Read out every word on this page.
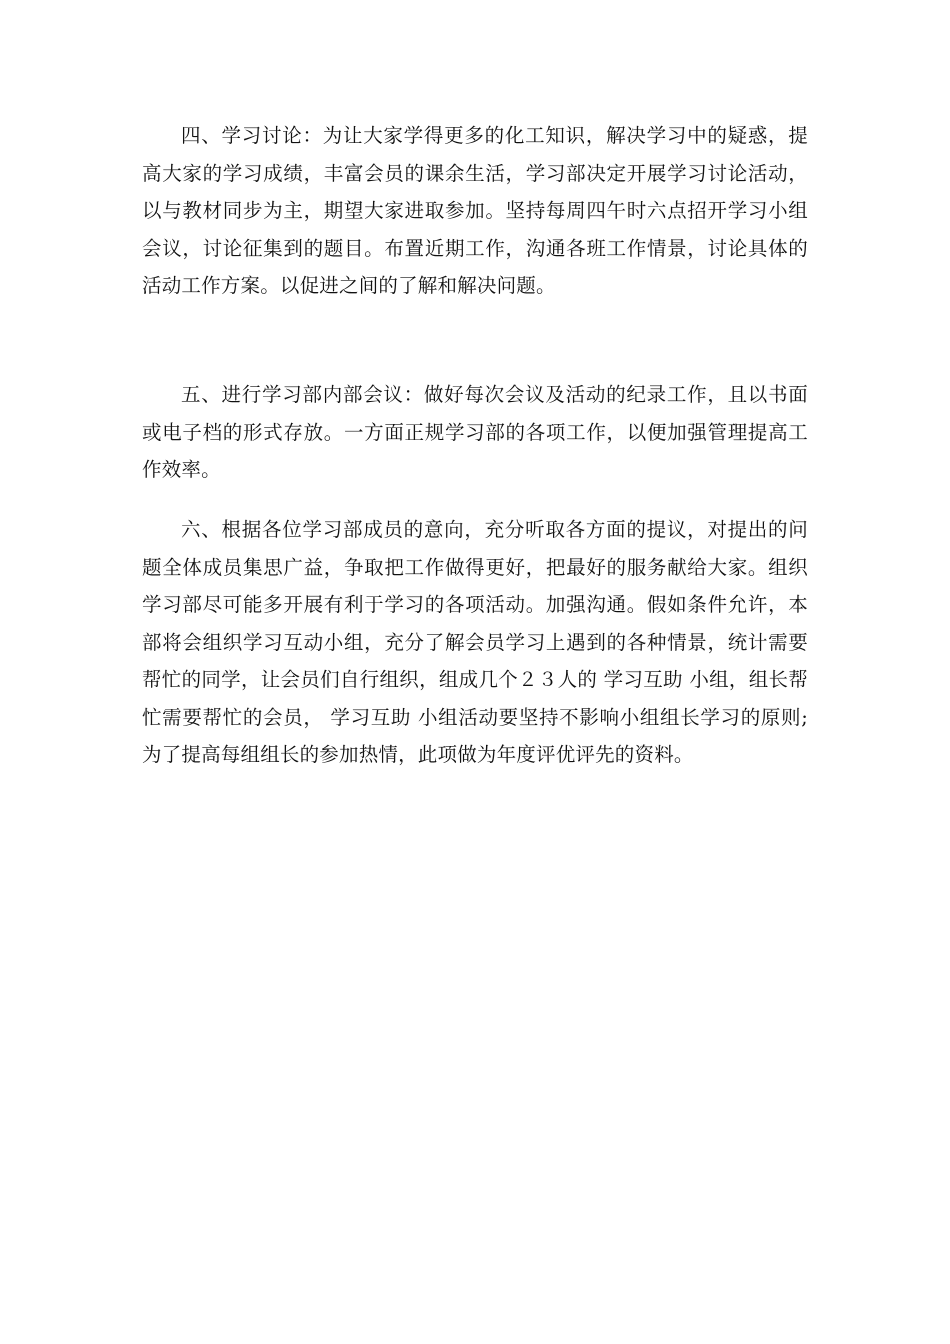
四、学习讨论：为让大家学得更多的化工知识，解决学习中的疑惑，提高大家的学习成绩，丰富会员的课余生活，学习部决定开展学习讨论活动，以与教材同步为主，期望大家进取参加。坚持每周四午时六点招开学习小组会议，讨论征集到的题目。布置近期工作，沟通各班工作情景，讨论具体的活动工作方案。以促进之间的了解和解决问题。

五、进行学习部内部会议：做好每次会议及活动的纪录工作，且以书面或电子档的形式存放。一方面正规学习部的各项工作，以便加强管理提高工作效率。

六、根据各位学习部成员的意向，充分听取各方面的提议，对提出的问题全体成员集思广益，争取把工作做得更好，把最好的服务献给大家。组织学习部尽可能多开展有利于学习的各项活动。加强沟通。假如条件允许，本部将会组织学习互动小组，充分了解会员学习上遇到的各种情景，统计需要帮忙的同学，让会员们自行组织，组成几个２３人的 学习互助 小组，组长帮忙需要帮忙的会员， 学习互助 小组活动要坚持不影响小组组长学习的原则;为了提高每组组长的参加热情，此项做为年度评优评先的资料。
